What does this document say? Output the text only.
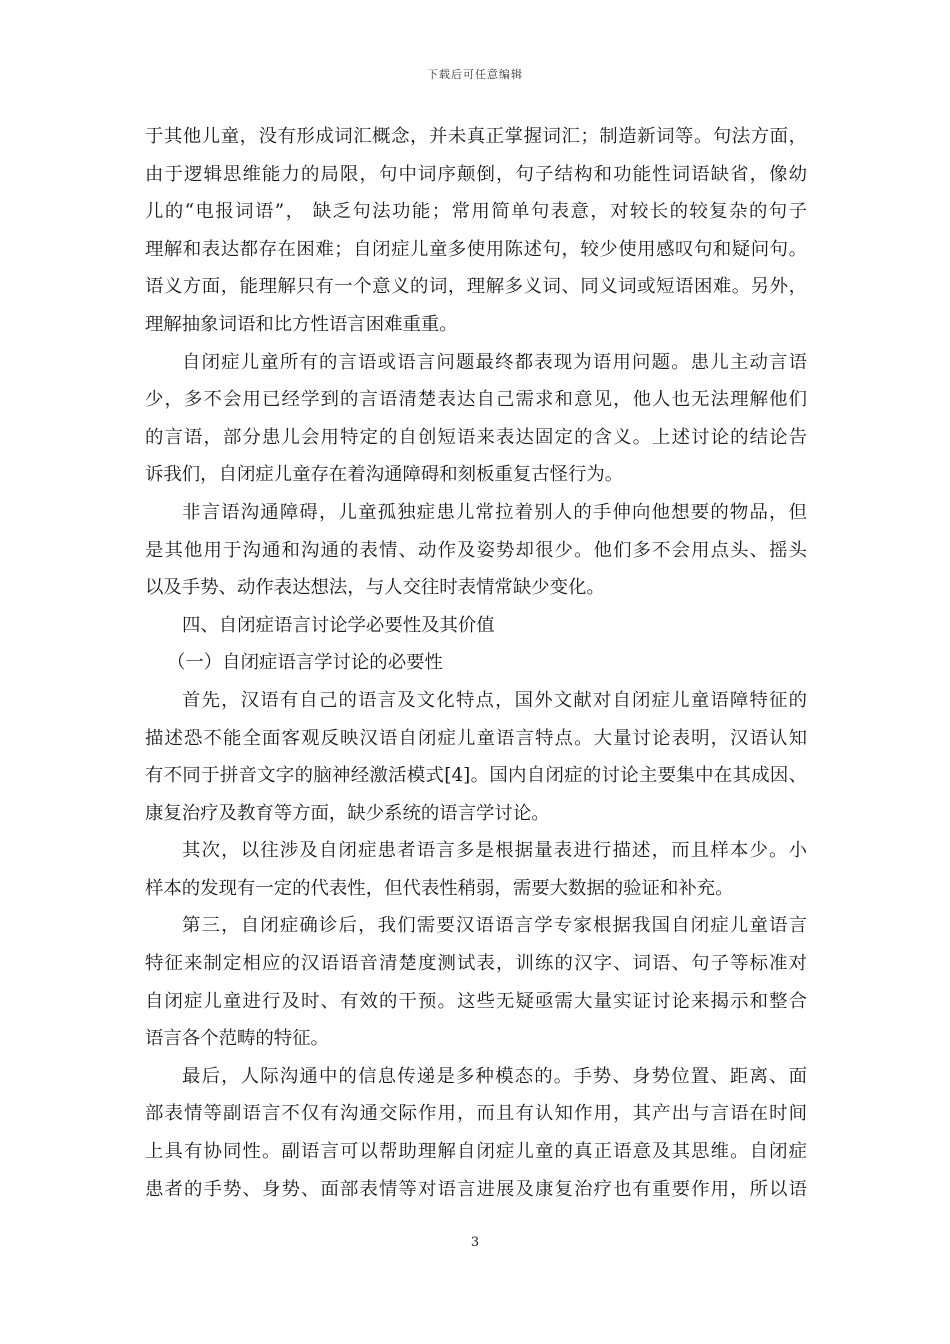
下载后可任意编辑
于其他儿童，没有形成词汇概念，并未真正掌握词汇；制造新词等。句法方面，
由于逻辑思维能力的局限，句中词序颠倒，句子结构和功能性词语缺省，像幼
儿的“电报词语”， 缺乏句法功能；常用简单句表意，对较长的较复杂的句子
理解和表达都存在困难；自闭症儿童多使用陈述句，较少使用感叹句和疑问句。
语义方面，能理解只有一个意义的词，理解多义词、同义词或短语困难。另外，
理解抽象词语和比方性语言困难重重。
自闭症儿童所有的言语或语言问题最终都表现为语用问题。患儿主动言语
少，多不会用已经学到的言语清楚表达自己需求和意见，他人也无法理解他们
的言语，部分患儿会用特定的自创短语来表达固定的含义。上述讨论的结论告
诉我们，自闭症儿童存在着沟通障碍和刻板重复古怪行为。
非言语沟通障碍，儿童孤独症患儿常拉着别人的手伸向他想要的物品，但
是其他用于沟通和沟通的表情、动作及姿势却很少。他们多不会用点头、摇头
以及手势、动作表达想法，与人交往时表情常缺少变化。
四、自闭症语言讨论学必要性及其价值
（一）自闭症语言学讨论的必要性
首先，汉语有自己的语言及文化特点，国外文献对自闭症儿童语障特征的
描述恐不能全面客观反映汉语自闭症儿童语言特点。大量讨论表明，汉语认知
有不同于拼音文字的脑神经激活模式[4]。国内自闭症的讨论主要集中在其成因、
康复治疗及教育等方面，缺少系统的语言学讨论。
其次，以往涉及自闭症患者语言多是根据量表进行描述，而且样本少。小
样本的发现有一定的代表性，但代表性稍弱，需要大数据的验证和补充。
第三，自闭症确诊后，我们需要汉语语言学专家根据我国自闭症儿童语言
特征来制定相应的汉语语音清楚度测试表，训练的汉字、词语、句子等标准对
自闭症儿童进行及时、有效的干预。这些无疑亟需大量实证讨论来揭示和整合
语言各个范畴的特征。
最后，人际沟通中的信息传递是多种模态的。手势、身势位置、距离、面
部表情等副语言不仅有沟通交际作用，而且有认知作用，其产出与言语在时间
上具有协同性。副语言可以帮助理解自闭症儿童的真正语意及其思维。自闭症
患者的手势、身势、面部表情等对语言进展及康复治疗也有重要作用，所以语
3
